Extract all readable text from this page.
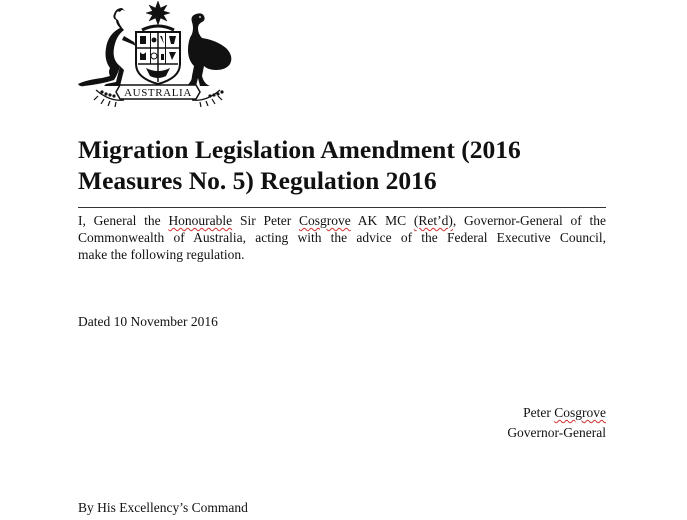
AUSTRALIA
Migration Legislation Amendment (2016
Measures No. 5) Regulation 2016
I, General the Honourable Sir Peter Cosgrove AK MC (Ret’d), Governor-General of the
Commonwealth of Australia, acting with the advice of the Federal Executive Council,
make the following regulation.
Dated 10 November 2016
Peter Cosgrove
Governor-General
By His Excellency’s Command
